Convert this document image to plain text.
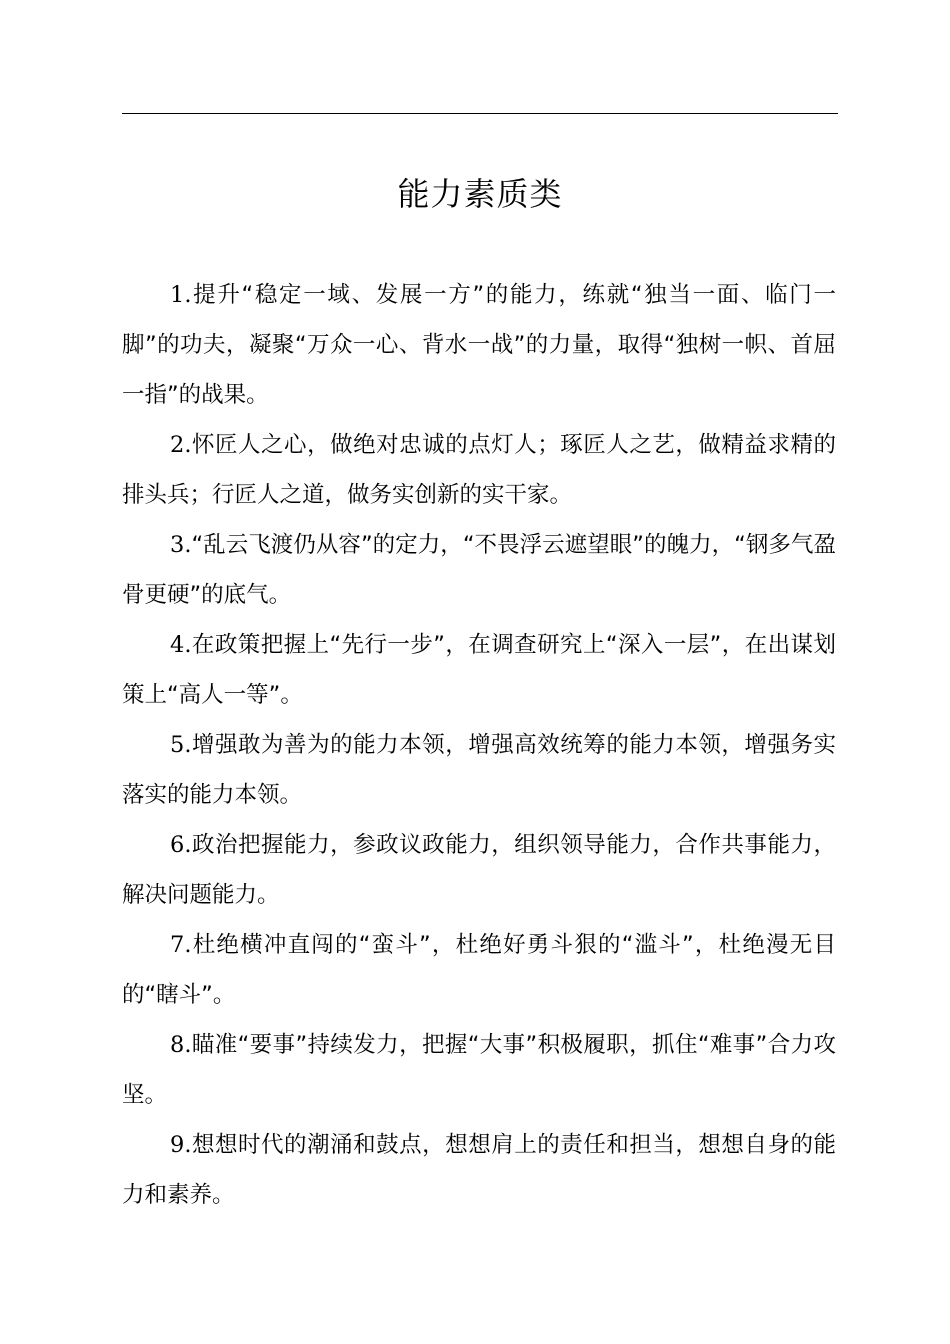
能力素质类
1.提升“稳定一域、发展一方”的能力，练就“独当一面、临门一脚”的功夫，凝聚“万众一心、背水一战”的力量，取得“独树一帜、首屈一指”的战果。
2.怀匠人之心，做绝对忠诚的点灯人；琢匠人之艺，做精益求精的排头兵；行匠人之道，做务实创新的实干家。
3.“乱云飞渡仍从容”的定力，“不畏浮云遮望眼”的魄力，“钢多气盈骨更硬”的底气。
4.在政策把握上“先行一步”，在调查研究上“深入一层”，在出谋划策上“高人一等”。
5.增强敢为善为的能力本领，增强高效统筹的能力本领，增强务实落实的能力本领。
6.政治把握能力，参政议政能力，组织领导能力，合作共事能力，解决问题能力。
7.杜绝横冲直闯的“蛮斗”，杜绝好勇斗狠的“滥斗”，杜绝漫无目的“瞎斗”。
8.瞄准“要事”持续发力，把握“大事”积极履职，抓住“难事”合力攻坚。
9.想想时代的潮涌和鼓点，想想肩上的责任和担当，想想自身的能力和素养。
